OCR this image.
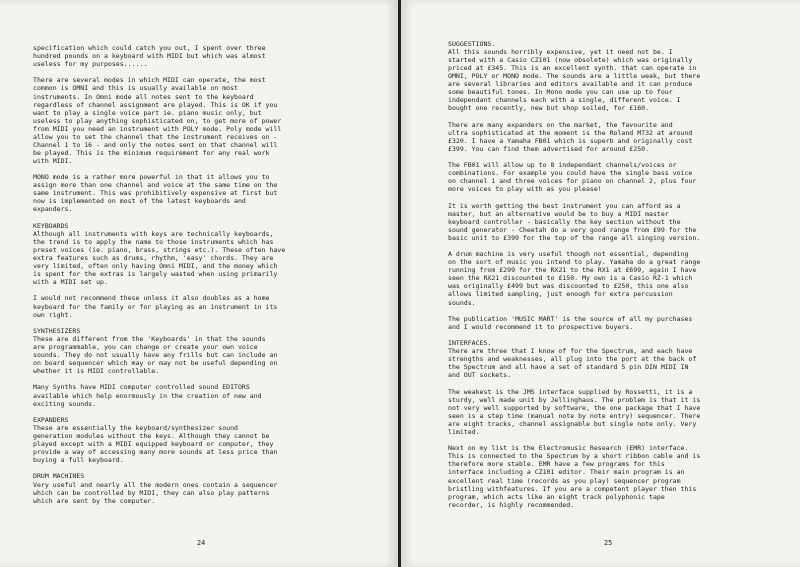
specification which could catch you out, I spent over three
hundred pounds on a keyboard with MIDI but which was almost
useless for my purposes......
There are several modes in which MIDI can operate, the most
common is OMNI and this is usually available on most
instruments. In Omni mode all notes sent to the keyboard
regardless of channel assignment are played. This is OK if you
want to play a single voice part ie. piano music only, but
useless to play anything sophisticated on, to get more of power
from MIDI you need an instrument with POLY mode. Poly mode will
allow you to set the channel that the instrument receives on -
Channel 1 to 16 - and only the notes sent on that channel will
be played. This is the minimum requirement for any real work
with MIDI.
MONO mode is a rather more powerful in that it allows you to
assign more than one channel and voice at the same time on the
same instrument. This was prohibitively expensive at first but
now is implemented on most of the latest keyboards and
expanders.
KEYBOARDS
Although all instruments with keys are technically keyboards,
the trend is to apply the name to those instruments which has
preset voices (ie. piano, brass, strings etc.). These often have
extra features such as drums, rhythm, 'easy' chords. They are
very limited, often only having Omni MIDI, and the money which
is spent for the extras is largely wasted when using primarily
with a MIDI set up.
I would not recommend these unless it also doubles as a home
keyboard for the family or for playing as an instrument in its
own right.
SYNTHESIZERS
These are different from the 'Keyboards' in that the sounds
are programmable, you can change or create your own voice
sounds. They do not usually have any frills but can include an
on board sequencer which may or may not be useful depending on
whether it is MIDI controllable.
Many Synths have MIDI computer controlled sound EDITORS
available which help enormously in the creation of new and
exciting sounds.
EXPANDERS
These are essentially the keyboard/synthesizer sound
generation modules without the keys. Although they cannot be
played except with a MIDI equipped keyboard or computer, they
provide a way of accessing many more sounds at less price than
buying a full keyboard.
DRUM MACHINES
Very useful and nearly all the modern ones contain a sequencer
which can be controlled by MIDI, they can also play patterns
which are sent by the computer.
24
SUGGESTIONS.
All this sounds horribly expensive, yet it need not be. I
started with a Casio CZ101 (now obsolete) which was originally
priced at £345. This is an excellent synth. that can operate in
OMNI, POLY or MONO mode. The sounds are a little weak, but there
are several libraries and editors available and it can produce
some beautiful tones. In Mono mode you can use up to four
independant channels each with a single, different voice. I
bought one recently, new but shop soiled, for £160.
There are many expanders on the market, the favourite and
ultra sophisticated at the moment is the Roland MT32 at around
£320. I have a Yamaha FB01 which is superb and originally cost
£399. You can find them advertised for around £250.
The FB01 will allow up to 8 independant channels/voices or
combinations. For example you could have the single bass voice
on channel 1 and three voices for piano on channel 2, plus four
more voices to play with as you please!
It is worth getting the best instrument you can afford as a
master, but an alternative would be to buy a MIDI master
keyboard controller - basically the key section without the
sound generator - Cheetah do a very good range from £99 for the
basic unit to £399 for the top of the range all singing version.
A drum machine is very useful though not essential, depending
on the sort of music you intend to play. Yamaha do a great range
running from £299 for the RX21 to the RX1 at £699, again I have
seen the RX21 discounted to £150. My own is a Casio RZ-1 which
was originally £499 but was discounted to £250, this one also
allows limited sampling, just enough for extra percussion
sounds.
The publication 'MUSIC MART' is the source of all my purchases
and I would recommend it to prospective buyers.
INTERFACES.
There are three that I know of for the Spectrum, and each have
strengths and weaknesses, all plug into the port at the back of
the Spectrum and all have a set of standard 5 pin DIN MIDI IN
and OUT sockets.
The weakest is the JMS interface supplied by Rossetti, it is a
sturdy, well made unit by Jellinghaus. The problem is that it is
not very well supported by software, the one package that I have
seen is a step time (manual note by note entry) sequencer. There
are eight tracks, channel assignable but single note only. Very
limited.
Next on my list is the Electromusic Research (EMR) interface.
This is connected to the Spectrum by a short ribbon cable and is
therefore more stable. EMR have a few programs for this
interface including a CZ101 editor. Their main program is an
excellent real time (records as you play) sequencer program
bristling withfeatures. If you are a competent player then this
program, which acts like an eight track polyphonic tape
recorder, is highly recommended.
25
